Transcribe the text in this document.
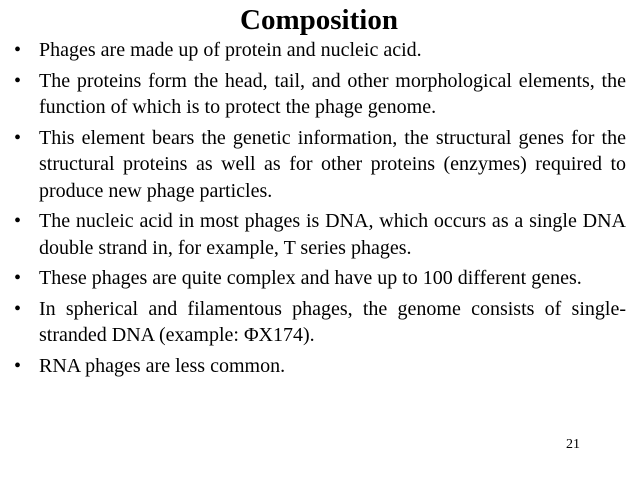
Composition
• Phages are made up of protein and nucleic acid.
• The proteins form the head, tail, and other morphological elements, the function of which is to protect the phage genome.
• This element bears the genetic information, the structural genes for the structural proteins as well as for other proteins (enzymes) required to produce new phage particles.
• The nucleic acid in most phages is DNA, which occurs as a single DNA double strand in, for example, T series phages.
• These phages are quite complex and have up to 100 different genes.
• In spherical and filamentous phages, the genome consists of single-stranded DNA (example: ΦX174).
• RNA phages are less common.
21
